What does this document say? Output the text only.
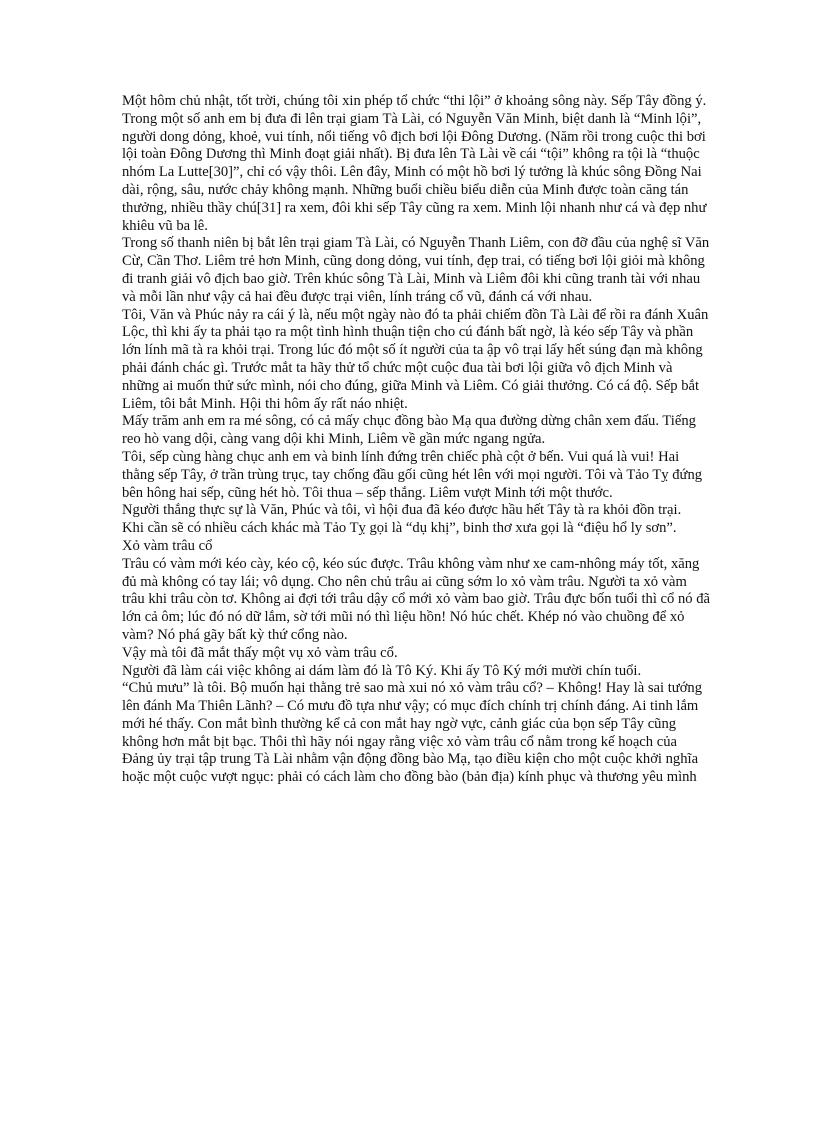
Một hôm chủ nhật, tốt trời, chúng tôi xin phép tổ chức “thi lội” ở khoảng sông này. Sếp Tây đồng ý.

Trong một số anh em bị đưa đi lên trại giam Tà Lài, có Nguyễn Văn Minh, biệt danh là “Minh lội”, người dong dỏng, khoẻ, vui tính, nổi tiếng vô địch bơi lội Đông Dương. (Năm rồi trong cuộc thi bơi lội toàn Đông Dương thì Minh đoạt giải nhất). Bị đưa lên Tà Lài về cái “tội” không ra tội là “thuộc nhóm La Lutte[30]”, chỉ có vậy thôi. Lên đây, Minh có một hồ bơi lý tưởng là khúc sông Đồng Nai dài, rộng, sâu, nước chảy không mạnh. Những buổi chiều biểu diễn của Minh được toàn căng tán thưởng, nhiều thầy chú[31] ra xem, đôi khi sếp Tây cũng ra xem. Minh lội nhanh như cá và đẹp như khiêu vũ ba lê.

Trong số thanh niên bị bắt lên trại giam Tà Lài, có Nguyễn Thanh Liêm, con đỡ đầu của nghệ sĩ Văn Cừ, Cần Thơ. Liêm trẻ hơn Minh, cũng dong dỏng, vui tính, đẹp trai, có tiếng bơi lội giỏi mà không đi tranh giải vô địch bao giờ. Trên khúc sông Tà Lài, Minh và Liêm đôi khi cũng tranh tài với nhau và mỗi lần như vậy cả hai đều được trại viên, lính tráng cổ vũ, đánh cá với nhau.

Tôi, Văn và Phúc nảy ra cái ý là, nếu một ngày nào đó ta phải chiếm đồn Tà Lài để rồi ra đánh Xuân Lộc, thì khi ấy ta phải tạo ra một tình hình thuận tiện cho cú đánh bất ngờ, là kéo sếp Tây và phần lớn lính mã tà ra khỏi trại. Trong lúc đó một số ít người của ta ập vô trại lấy hết súng đạn mà không phải đánh chác gì. Trước mắt ta hãy thử tổ chức một cuộc đua tài bơi lội giữa vô địch Minh và những ai muốn thử sức mình, nói cho đúng, giữa Minh và Liêm. Có giải thưởng. Có cá độ. Sếp bắt Liêm, tôi bắt Minh. Hội thi hôm ấy rất náo nhiệt.

Mấy trăm anh em ra mé sông, có cả mấy chục đồng bào Mạ qua đường dừng chân xem đấu. Tiếng reo hò vang dội, càng vang dội khi Minh, Liêm về gần mức ngang ngửa.

Tôi, sếp cùng hàng chục anh em và binh lính đứng trên chiếc phà cột ở bến. Vui quá là vui! Hai thằng sếp Tây, ở trần trùng trục, tay chống đầu gối cũng hét lên với mọi người. Tôi và Tảo Tỵ đứng bên hông hai sếp, cũng hét hò. Tôi thua – sếp thắng. Liêm vượt Minh tới một thước.

Người thắng thực sự là Văn, Phúc và tôi, vì hội đua đã kéo được hầu hết Tây tà ra khỏi đồn trại.

Khi cần sẽ có nhiều cách khác mà Tảo Tỵ gọi là “dụ khị”, binh thơ xưa gọi là “điệu hổ ly sơn”.

Xỏ vàm trâu cổ

Trâu có vàm mới kéo cày, kéo cộ, kéo súc được. Trâu không vàm như xe cam-nhông máy tốt, xăng đủ mà không có tay lái; vô dụng. Cho nên chủ trâu ai cũng sớm lo xỏ vàm trâu. Người ta xỏ vàm trâu khi trâu còn tơ. Không ai đợi tới trâu dậy cổ mới xỏ vàm bao giờ. Trâu đực bốn tuổi thì cổ nó đã lớn cả ôm; lúc đó nó dữ lắm, sờ tới mũi nó thì liệu hồn! Nó húc chết. Khép nó vào chuồng để xỏ vàm? Nó phá gãy bất kỳ thứ cổng nào.

Vậy mà tôi đã mắt thấy một vụ xỏ vàm trâu cổ.

Người đã làm cái việc không ai dám làm đó là Tô Ký. Khi ấy Tô Ký mới mười chín tuổi.

“Chủ mưu” là tôi. Bộ muốn hại thằng trẻ sao mà xui nó xỏ vàm trâu cổ? – Không! Hay là sai tướng lên đánh Ma Thiên Lãnh? – Có mưu đồ tựa như vậy; có mục đích chính trị chính đáng. Ai tinh lắm mới hé thấy. Con mắt bình thường kể cả con mắt hay ngờ vực, cảnh giác của bọn sếp Tây cũng không hơn mắt bịt bạc. Thôi thì hãy nói ngay rằng việc xỏ vàm trâu cổ nằm trong kế hoạch của Đảng ủy trại tập trung Tà Lài nhằm vận động đồng bào Mạ, tạo điều kiện cho một cuộc khởi nghĩa hoặc một cuộc vượt ngục: phải có cách làm cho đồng bào (bản địa) kính phục và thương yêu mình
